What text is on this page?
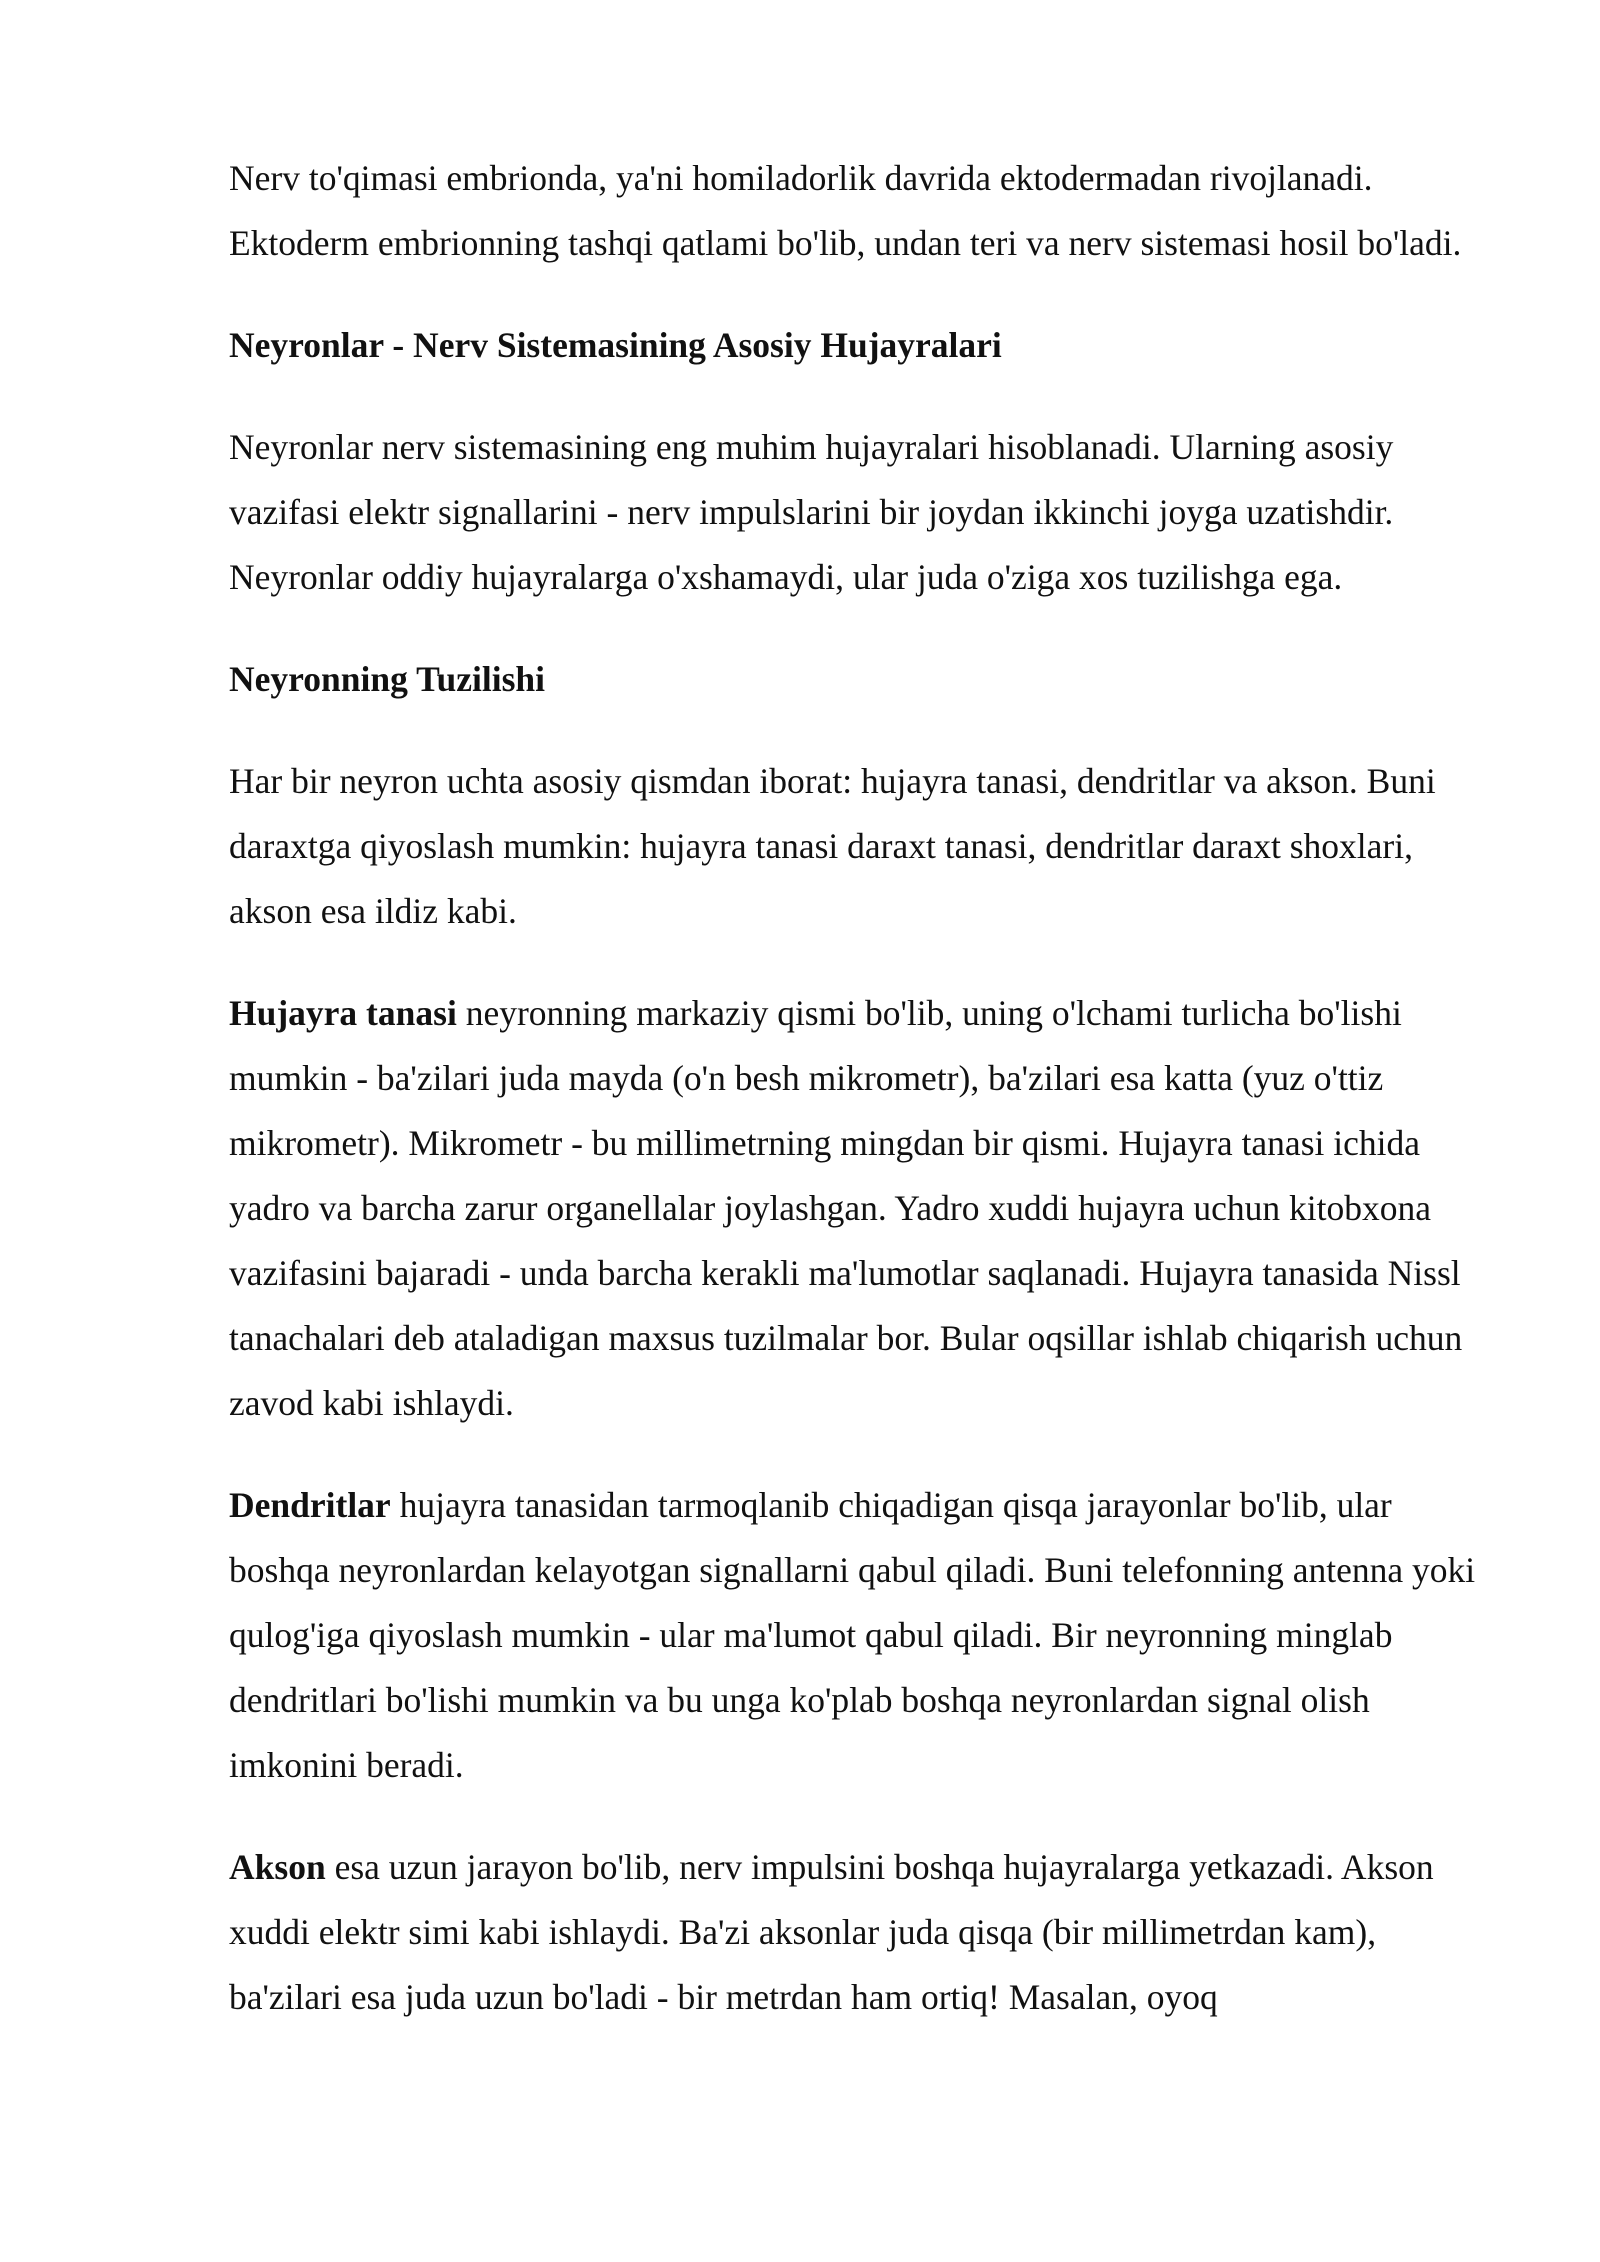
Nerv to'qimasi embrionda, ya'ni homiladorlik davrida ektodermadan rivojlanadi. Ektoderm embrionning tashqi qatlami bo'lib, undan teri va nerv sistemasi hosil bo'ladi.

Neyronlar - Nerv Sistemasining Asosiy Hujayralari

Neyronlar nerv sistemasining eng muhim hujayralari hisoblanadi. Ularning asosiy vazifasi elektr signallarini - nerv impulslarini bir joydan ikkinchi joyga uzatishdir. Neyronlar oddiy hujayralarga o'xshamaydi, ular juda o'ziga xos tuzilishga ega.

Neyronning Tuzilishi

Har bir neyron uchta asosiy qismdan iborat: hujayra tanasi, dendritlar va akson. Buni daraxtga qiyoslash mumkin: hujayra tanasi daraxt tanasi, dendritlar daraxt shoxlari, akson esa ildiz kabi.

Hujayra tanasi neyronning markaziy qismi bo'lib, uning o'lchami turlicha bo'lishi mumkin - ba'zilari juda mayda (o'n besh mikrometr), ba'zilari esa katta (yuz o'ttiz mikrometr). Mikrometr - bu millimetrning mingdan bir qismi. Hujayra tanasi ichida yadro va barcha zarur organellalar joylashgan. Yadro xuddi hujayra uchun kitobxona vazifasini bajaradi - unda barcha kerakli ma'lumotlar saqlanadi. Hujayra tanasida Nissl tanachalari deb ataladigan maxsus tuzilmalar bor. Bular oqsillar ishlab chiqarish uchun zavod kabi ishlaydi.

Dendritlar hujayra tanasidan tarmoqlanib chiqadigan qisqa jarayonlar bo'lib, ular boshqa neyronlardan kelayotgan signallarni qabul qiladi. Buni telefonning antenna yoki qulog'iga qiyoslash mumkin - ular ma'lumot qabul qiladi. Bir neyronning minglab dendritlari bo'lishi mumkin va bu unga ko'plab boshqa neyronlardan signal olish imkonini beradi.

Akson esa uzun jarayon bo'lib, nerv impulsini boshqa hujayralarga yetkazadi. Akson xuddi elektr simi kabi ishlaydi. Ba'zi aksonlar juda qisqa (bir millimetrdan kam), ba'zilari esa juda uzun bo'ladi - bir metrdan ham ortiq! Masalan, oyoq
